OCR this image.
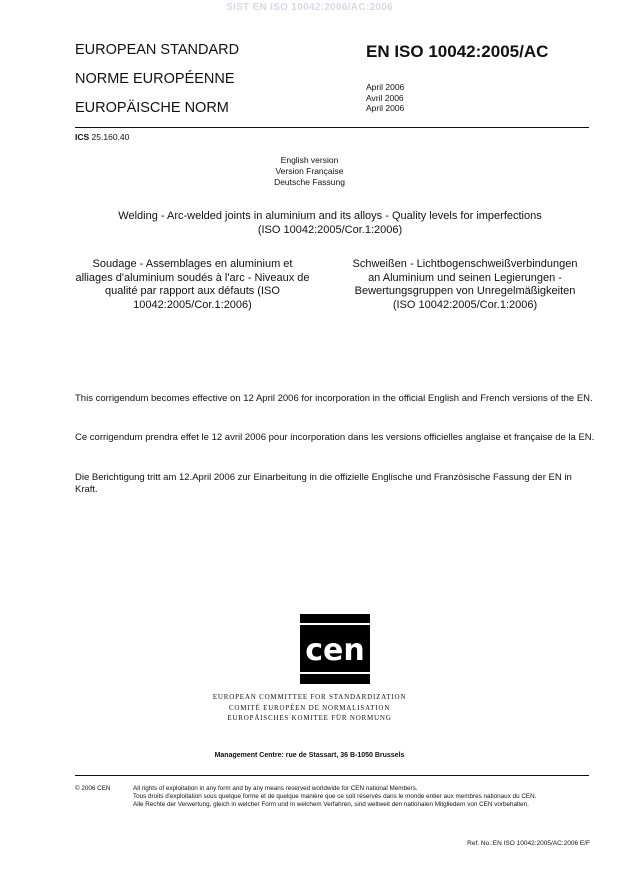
SIST EN ISO 10042:2006/AC:2006
EUROPEAN STANDARD
NORME EUROPÉENNE
EUROPÄISCHE NORM
EN ISO 10042:2005/AC
April 2006
Avril 2006
April 2006
ICS 25.160.40
English version
Version Française
Deutsche Fassung
Welding - Arc-welded joints in aluminium and its alloys - Quality levels for imperfections (ISO 10042:2005/Cor.1:2006)
Soudage - Assemblages en aluminium et alliages d'aluminium soudés à l'arc - Niveaux de qualité par rapport aux défauts (ISO 10042:2005/Cor.1:2006)
Schweißen - Lichtbogenschweißverbindungen an Aluminium und seinen Legierungen - Bewertungsgruppen von Unregelmäßigkeiten (ISO 10042:2005/Cor.1:2006)
This corrigendum becomes effective on 12 April 2006 for incorporation in the official English and French versions of the EN.
Ce corrigendum prendra effet le 12 avril 2006 pour incorporation dans les versions officielles anglaise et française de la EN.
Die Berichtigung tritt am 12.April 2006 zur Einarbeitung in die offizielle Englische und Französische Fassung der EN in Kraft.
cen
EUROPEAN COMMITTEE FOR STANDARDIZATION
COMITÉ EUROPÉEN DE NORMALISATION
EUROPÄISCHES KOMITEE FÜR NORMUNG
Management Centre: rue de Stassart, 36 B-1050 Brussels
© 2006 CEN	All rights of exploitation in any form and by any means reserved worldwide for CEN national Members.
Tous droits d'exploitation sous quelque forme et de quelque manière que ce soit réservés dans le monde entier aux membres nationaux du CEN.
Alle Rechte der Verwertung, gleich in welcher Form und in welchem Verfahren, sind weltweit den nationalen Mitgliedern von CEN vorbehalten.
Ref. No.:EN ISO 10042:2005/AC:2006 E/F
